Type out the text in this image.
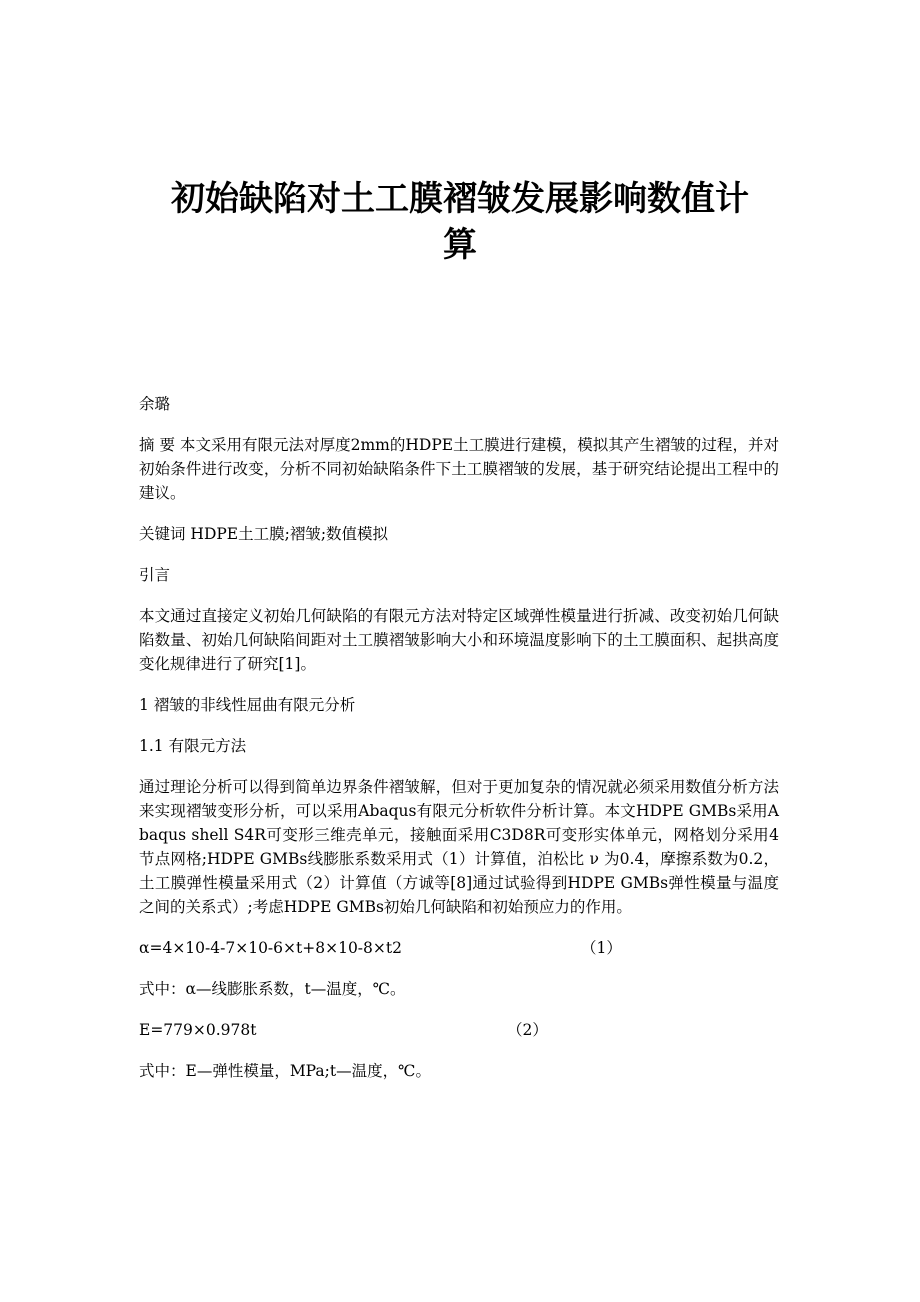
初始缺陷对土工膜褶皱发展影响数值计
算

余璐

摘 要 本文采用有限元法对厚度2mm的HDPE土工膜进行建模，模拟其产生褶皱的过程，并对初始条件进行改变，分析不同初始缺陷条件下土工膜褶皱的发展，基于研究结论提出工程中的建议。

关键词 HDPE土工膜;褶皱;数值模拟

引言

本文通过直接定义初始几何缺陷的有限元方法对特定区域弹性模量进行折减、改变初始几何缺陷数量、初始几何缺陷间距对土工膜褶皱影响大小和环境温度影响下的土工膜面积、起拱高度变化规律进行了研究[1]。

1 褶皱的非线性屈曲有限元分析

1.1 有限元方法

通过理论分析可以得到简单边界条件褶皱解，但对于更加复杂的情况就必须采用数值分析方法来实现褶皱变形分析，可以采用Abaqus有限元分析软件分析计算。本文HDPE GMBs采用Abaqus shell S4R可变形三维壳单元，接触面采用C3D8R可变形实体单元，网格划分采用4节点网格;HDPE GMBs线膨胀系数采用式（1）计算值，泊松比 ν 为0.4，摩擦系数为0.2，土工膜弹性模量采用式（2）计算值（方诚等[8]通过试验得到HDPE GMBs弹性模量与温度之间的关系式）;考虑HDPE GMBs初始几何缺陷和初始预应力的作用。

α=4×10-4-7×10-6×t+8×10-8×t2	（1）

式中：α—线膨胀系数，t—温度，℃。

E=779×0.978t	（2）

式中：E—弹性模量，MPa;t—温度，℃。
